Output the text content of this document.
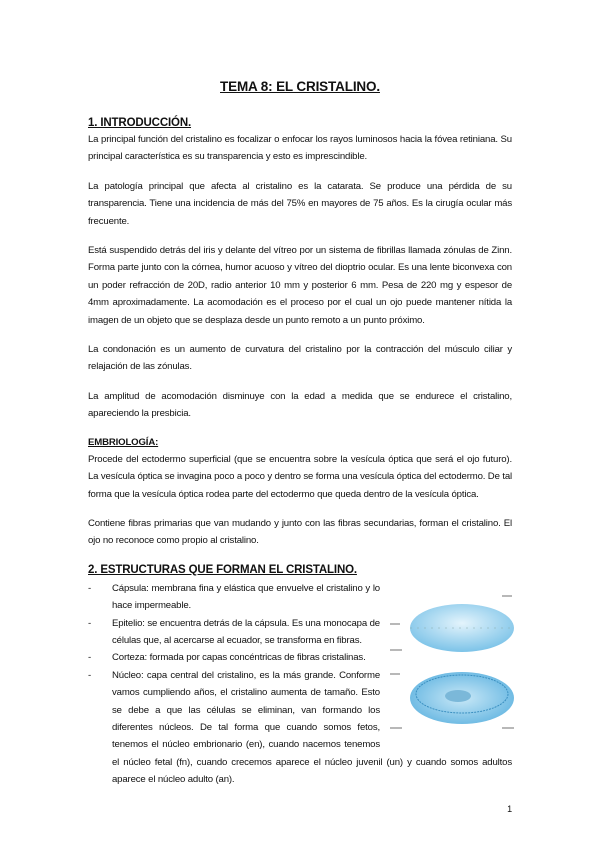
TEMA 8: EL CRISTALINO.
1. INTRODUCCIÓN.
La principal función del cristalino es focalizar o enfocar los rayos luminosos hacia la fóvea retiniana. Su principal característica es su transparencia y esto es imprescindible.
La patología principal que afecta al cristalino es la catarata. Se produce una pérdida de su transparencia. Tiene una incidencia de más del 75% en mayores de 75 años. Es la cirugía ocular más frecuente.
Está suspendido detrás del iris y delante del vítreo por un sistema de fibrillas llamada zónulas de Zinn. Forma parte junto con la córnea, humor acuoso y vítreo del dioptrio ocular. Es una lente biconvexa con un poder refracción de 20D, radio anterior 10 mm y posterior 6 mm. Pesa de 220 mg y espesor de 4mm aproximadamente. La acomodación es el proceso por el cual un ojo puede mantener nítida la imagen de un objeto que se desplaza desde un punto remoto a un punto próximo.
La condonación es un aumento de curvatura del cristalino por la contracción del músculo ciliar y relajación de las zónulas.
La amplitud de acomodación disminuye con la edad a medida que se endurece el cristalino, apareciendo la presbicia.
EMBRIOLOGÍA:
Procede del ectodermo superficial (que se encuentra sobre la vesícula óptica que será el ojo futuro). La vesícula óptica se invagina poco a poco y dentro se forma una vesícula óptica del ectodermo. De tal forma que la vesícula óptica rodea parte del ectodermo que queda dentro de la vesícula óptica.
Contiene fibras primarias que van mudando y junto con las fibras secundarias, forman el cristalino. El ojo no reconoce como propio al cristalino.
2. ESTRUCTURAS QUE FORMAN EL CRISTALINO.
- Cápsula: membrana fina y elástica que envuelve el cristalino y lo hace impermeable.
- Epitelio: se encuentra detrás de la cápsula. Es una monocapa de células que, al acercarse al ecuador, se transforma en fibras.
- Corteza: formada por capas concéntricas de fibras cristalinas.
- Núcleo: capa central del cristalino, es la más grande. Conforme vamos cumpliendo años, el cristalino aumenta de tamaño. Esto se debe a que las células se eliminan, van formando los diferentes núcleos. De tal forma que cuando somos fetos, tenemos el núcleo embrionario (en), cuando nacemos tenemos el núcleo fetal (fn), cuando crecemos aparece el núcleo juvenil (un) y cuando somos adultos aparece el núcleo adulto (an).
1
